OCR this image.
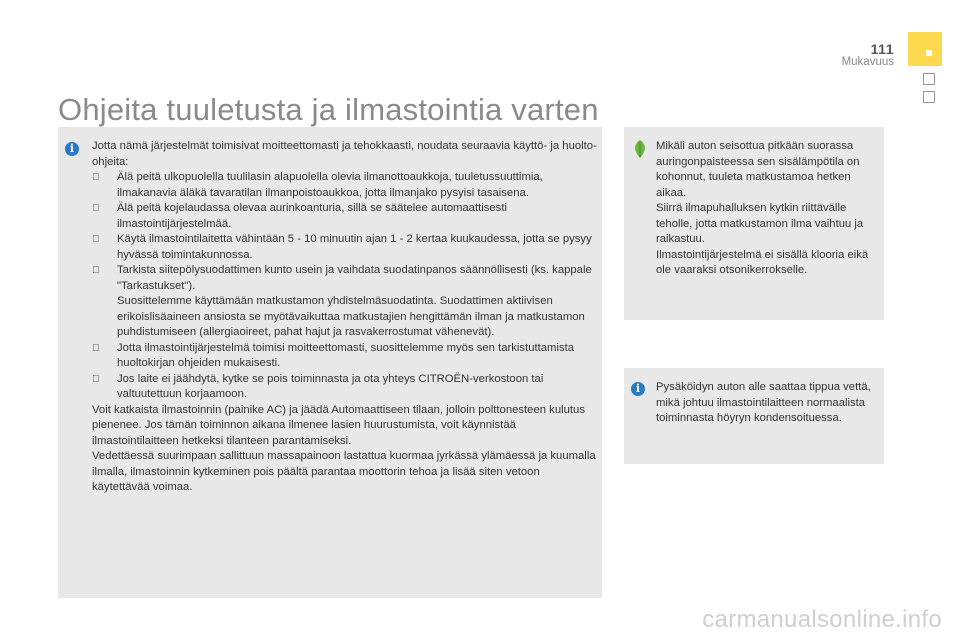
111
Mukavuus
Ohjeita tuuletusta ja ilmastointia varten
i	Jotta nämä järjestelmät toimisivat moitteettomasti ja tehokkaasti, noudata seuraavia käyttö- ja huolto-ohjeita:

Älä peitä ulkopuolella tuulilasin alapuolella olevia ilmanottoaukkoja, tuuletussuuttimia, ilmakanavia äläkä tavaratilan ilmanpoistoaukkoa, jotta ilmanjako pysyisi tasaisena.

Älä peitä kojelaudassa olevaa aurinkoanturia, sillä se säätelee automaattisesti ilmastointijärjestelmää.

Käytä ilmastointilaitetta vähintään 5 - 10 minuutin ajan 1 - 2 kertaa kuukaudessa, jotta se pysyy hyvässä toimintakunnossa.

Tarkista siitepölysuodattimen kunto usein ja vaihdata suodatinpanos säännöllisesti (ks. kappale "Tarkastukset").

Suosittelemme käyttämään matkustamon yhdistelmäsuodatinta. Suodattimen aktiivisen erikoislisäaineen ansiosta se myötävaikuttaa matkustajien hengittämän ilman ja matkustamon puhdistumiseen (allergiaoireet, pahat hajut ja rasvakerrostumat vähenevät).

Jotta ilmastointijärjestelmä toimisi moitteettomasti, suosittelemme myös sen tarkistuttamista huoltokirjan ohjeiden mukaisesti.

Jos laite ei jäähdytä, kytke se pois toiminnasta ja ota yhteys CITROËN-verkostoon tai valtuutettuun korjaamoon.

Voit katkaista ilmastoinnin (painike AC) ja jäädä Automaattiseen tilaan, jolloin polttonesteen kulutus pienenee. Jos tämän toiminnon aikana ilmenee lasien huurustumista, voit käynnistää ilmastointilaitteen hetkeksi tilanteen parantamiseksi.

Vedettäessä suurimpaan sallittuun massapainoon lastattua kuormaa jyrkässä ylämäessä ja kuumalla ilmalla, ilmastoinnin kytkeminen pois päältä parantaa moottorin tehoa ja lisää siten vetoon käytettävää voimaa.

Mikäli auton seisottua pitkään suorassa auringonpaisteessa sen sisälämpötila on kohonnut, tuuleta matkustamoa hetken aikaa.

Siirrä ilmapuhalluksen kytkin riittävälle teholle, jotta matkustamon ilma vaihtuu ja raikastuu.

Ilmastointijärjestelmä ei sisällä klooria eikä ole vaaraksi otsonikerrokselle.

i	Pysäköidyn auton alle saattaa tippua vettä, mikä johtuu ilmastointilaitteen normaalista toiminnasta höyryn kondensoituessa.
carmanualsonline.info
